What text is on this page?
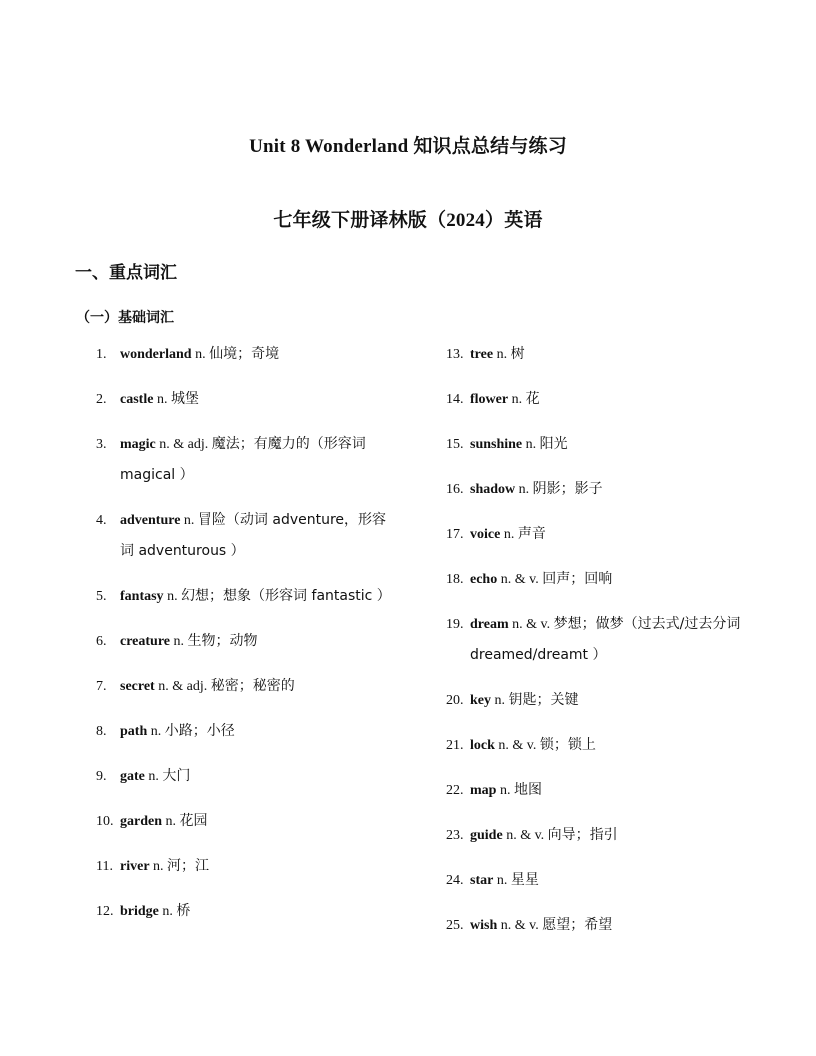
Unit 8 Wonderland 知识点总结与练习
七年级下册译林版（2024）英语
一、重点词汇
（一）基础词汇
1. wonderland n. 仙境；奇境
2. castle n. 城堡
3. magic n. & adj. 魔法；有魔力的（形容词 magical ）
4. adventure n. 冒险（动词 adventure，形容词 adventurous ）
5. fantasy n. 幻想；想象（形容词 fantastic ）
6. creature n. 生物；动物
7. secret n. & adj. 秘密；秘密的
8. path n. 小路；小径
9. gate n. 大门
10. garden n. 花园
11. river n. 河；江
12. bridge n. 桥
13. tree n. 树
14. flower n. 花
15. sunshine n. 阳光
16. shadow n. 阴影；影子
17. voice n. 声音
18. echo n. & v. 回声；回响
19. dream n. & v. 梦想；做梦（过去式/过去分词 dreamed/dreamt ）
20. key n. 钥匙；关键
21. lock n. & v. 锁；锁上
22. map n. 地图
23. guide n. & v. 向导；指引
24. star n. 星星
25. wish n. & v. 愿望；希望
